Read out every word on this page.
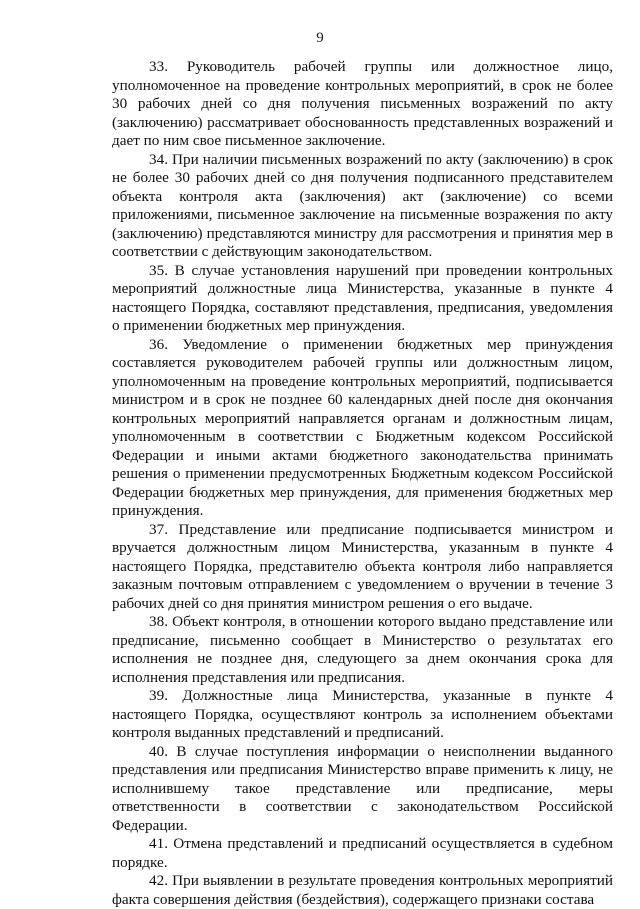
9

33. Руководитель рабочей группы или должностное лицо, уполномоченное на проведение контрольных мероприятий, в срок не более 30 рабочих дней со дня получения письменных возражений по акту (заключению) рассматривает обоснованность представленных возражений и дает по ним свое письменное заключение.

34. При наличии письменных возражений по акту (заключению) в срок не более 30 рабочих дней со дня получения подписанного представителем объекта контроля акта (заключения) акт (заключение) со всеми приложениями, письменное заключение на письменные возражения по акту (заключению) представляются министру для рассмотрения и принятия мер в соответствии с действующим законодательством.

35. В случае установления нарушений при проведении контрольных мероприятий должностные лица Министерства, указанные в пункте 4 настоящего Порядка, составляют представления, предписания, уведомления о применении бюджетных мер принуждения.

36. Уведомление о применении бюджетных мер принуждения составляется руководителем рабочей группы или должностным лицом, уполномоченным на проведение контрольных мероприятий, подписывается министром и в срок не позднее 60 календарных дней после дня окончания контрольных мероприятий направляется органам и должностным лицам, уполномоченным в соответствии с Бюджетным кодексом Российской Федерации и иными актами бюджетного законодательства принимать решения о применении предусмотренных Бюджетным кодексом Российской Федерации бюджетных мер принуждения, для применения бюджетных мер принуждения.

37. Представление или предписание подписывается министром и вручается должностным лицом Министерства, указанным в пункте 4 настоящего Порядка, представителю объекта контроля либо направляется заказным почтовым отправлением с уведомлением о вручении в течение 3 рабочих дней со дня принятия министром решения о его выдаче.

38. Объект контроля, в отношении которого выдано представление или предписание, письменно сообщает в Министерство о результатах его исполнения не позднее дня, следующего за днем окончания срока для исполнения представления или предписания.

39. Должностные лица Министерства, указанные в пункте 4 настоящего Порядка, осуществляют контроль за исполнением объектами контроля выданных представлений и предписаний.

40. В случае поступления информации о неисполнении выданного представления или предписания Министерство вправе применить к лицу, не исполнившему такое представление или предписание, меры ответственности в соответствии с законодательством Российской Федерации.

41. Отмена представлений и предписаний осуществляется в судебном порядке.

42. При выявлении в результате проведения контрольных мероприятий факта совершения действия (бездействия), содержащего признаки состава
